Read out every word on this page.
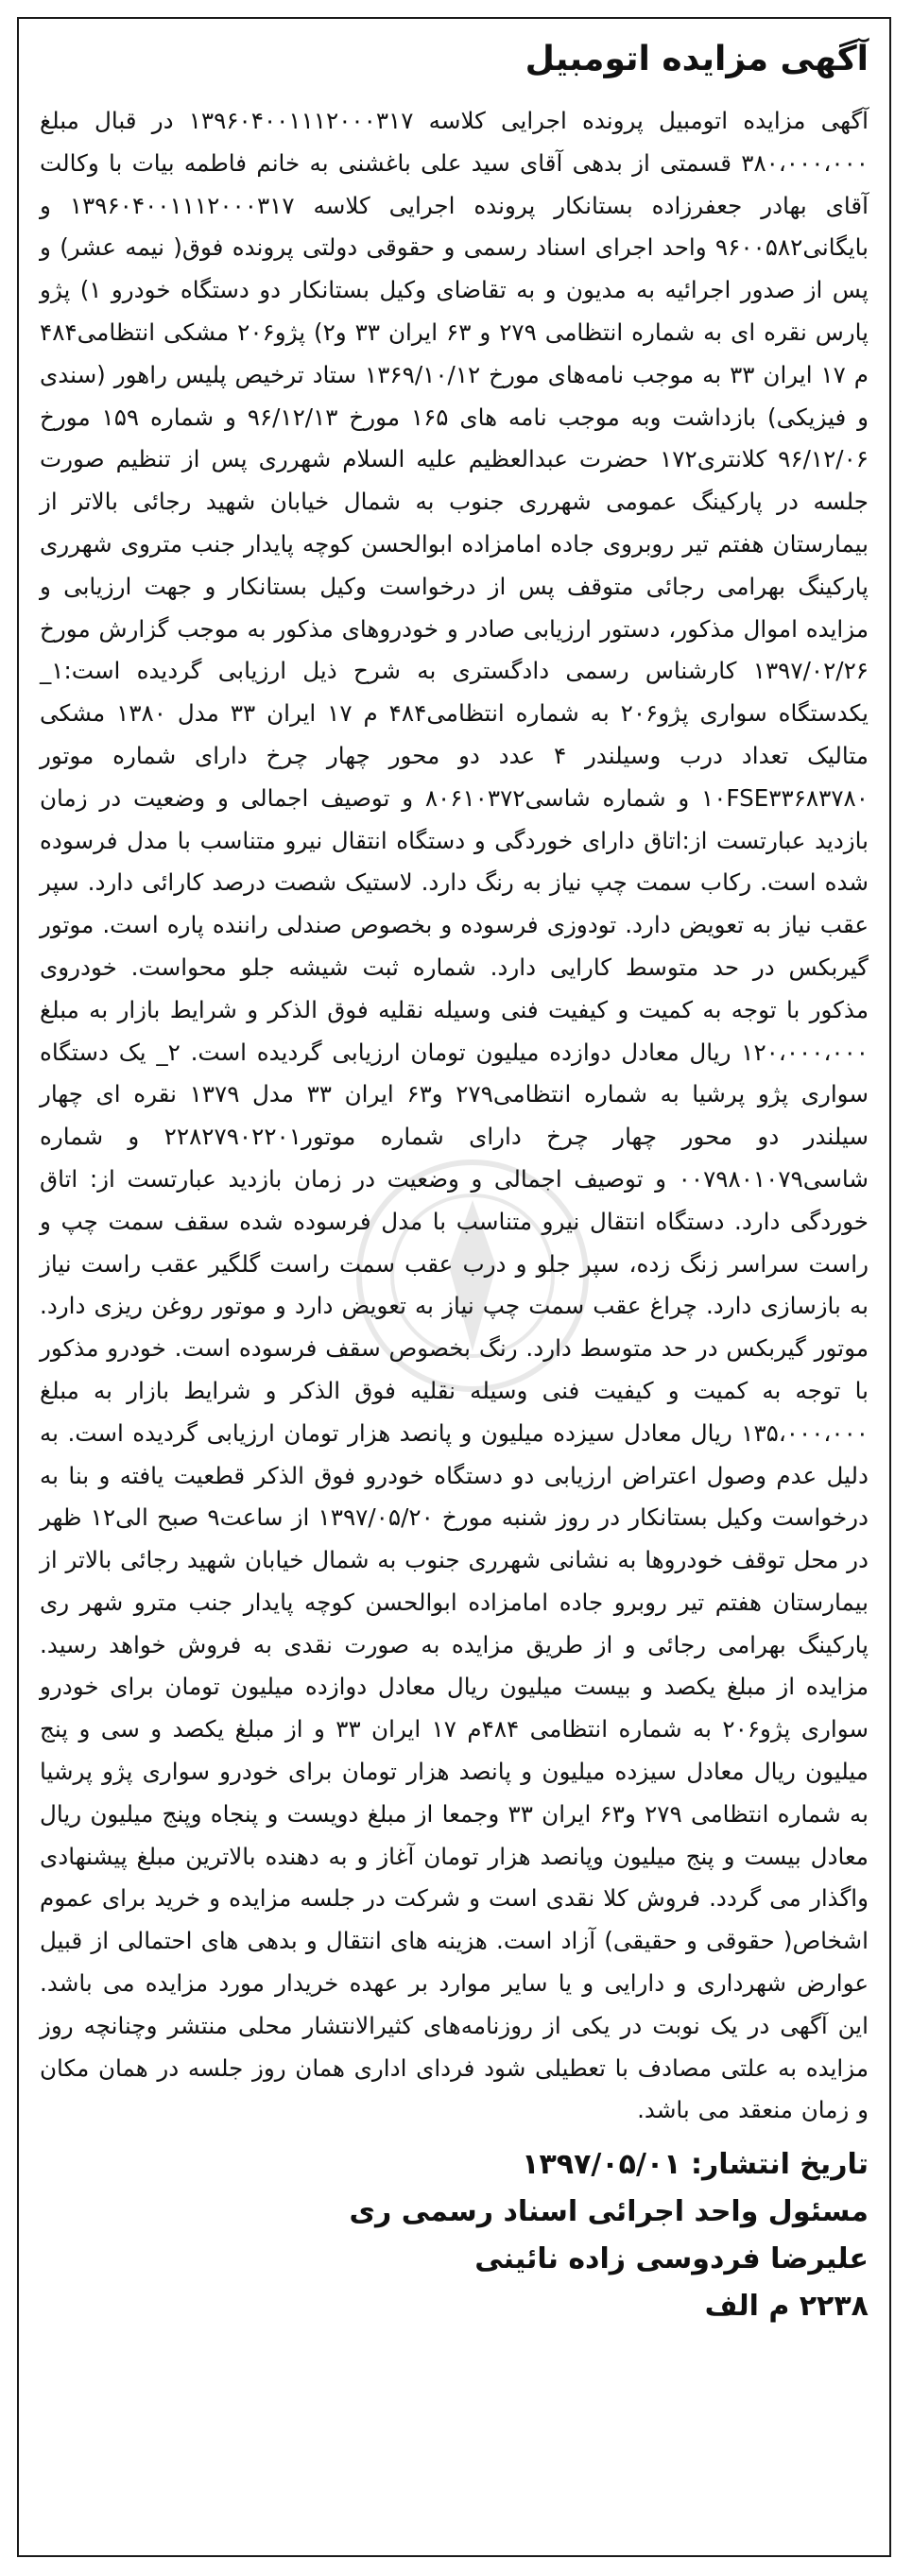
آگهی مزایده اتومبیل

آگهی مزایده اتومبیل پرونده اجرایی کلاسه ۱۳۹۶۰۴۰۰۱۱۱۲۰۰۰۳۱۷ در قبال مبلغ ۳۸۰،۰۰۰،۰۰۰ قسمتی از بدهی آقای سید علی باغشنی به خانم فاطمه بیات با وکالت آقای بهادر جعفرزاده بستانکار پرونده اجرایی کلاسه ۱۳۹۶۰۴۰۰۱۱۱۲۰۰۰۳۱۷ و بایگانی۹۶۰۰۵۸۲ واحد اجرای اسناد رسمی و حقوقی دولتی پرونده فوق( نیمه عشر) و پس از صدور اجرائیه به مدیون و به تقاضای وکیل بستانکار دو دستگاه خودرو ۱) پژو پارس نقره ای به شماره انتظامی ۲۷۹ و ۶۳ ایران ۳۳ و۲) پژو۲۰۶ مشکی انتظامی۴۸۴ م ۱۷ ایران ۳۳ به موجب نامه‌های مورخ ۱۳۶۹/۱۰/۱۲ ستاد ترخیص پلیس راهور (سندی و فیزیکی) بازداشت وبه موجب نامه های ۱۶۵ مورخ ۹۶/۱۲/۱۳ و شماره ۱۵۹ مورخ ۹۶/۱۲/۰۶ کلانتری۱۷۲ حضرت عبدالعظیم علیه السلام شهرری پس از تنظیم صورت جلسه در پارکینگ عمومی شهرری جنوب به شمال خیابان شهید رجائی بالاتر از بیمارستان هفتم تیر روبروی جاده امامزاده ابوالحسن کوچه پایدار جنب متروی شهرری پارکینگ بهرامی رجائی متوقف پس از درخواست وکیل بستانکار و جهت ارزیابی و مزایده اموال مذکور، دستور ارزیابی صادر و خودروهای مذکور به موجب گزارش مورخ ۱۳۹۷/۰۲/۲۶ کارشناس رسمی دادگستری به شرح ذیل ارزیابی گردیده است:۱_ یکدستگاه سواری پژو۲۰۶ به شماره انتظامی۴۸۴ م ۱۷ ایران ۳۳ مدل ۱۳۸۰ مشکی متالیک تعداد درب وسیلندر ۴ عدد دو محور چهار چرخ دارای شماره موتور ۱۰FSE۳۳۶۸۳۷۸۰ و شماره شاسی۸۰۶۱۰۳۷۲ و توصیف اجمالی و وضعیت در زمان بازدید عبارتست از:اتاق دارای خوردگی و دستگاه انتقال نیرو متناسب با مدل فرسوده شده است. رکاب سمت چپ نیاز به رنگ دارد. لاستیک شصت درصد کارائی دارد. سپر عقب نیاز به تعویض دارد. تودوزی فرسوده و بخصوص صندلی راننده پاره است. موتور گیربکس در حد متوسط کارایی دارد. شماره ثبت شیشه جلو محواست. خودروی مذکور با توجه به کمیت و کیفیت فنی وسیله نقلیه فوق الذکر و شرایط بازار به مبلغ ۱۲۰،۰۰۰،۰۰۰ ریال معادل دوازده میلیون تومان ارزیابی گردیده است. ۲_ یک دستگاه سواری پژو پرشیا به شماره انتظامی۲۷۹ و۶۳ ایران ۳۳ مدل ۱۳۷۹ نقره ای چهار سیلندر دو محور چهار چرخ دارای شماره موتور۲۲۸۲۷۹۰۲۲۰۱ و شماره شاسی۰۰۷۹۸۰۱۰۷۹ و توصیف اجمالی و وضعیت در زمان بازدید عبارتست از: اتاق خوردگی دارد. دستگاه انتقال نیرو متناسب با مدل فرسوده شده سقف سمت چپ و راست سراسر زنگ زده، سپر جلو و درب عقب سمت راست گلگیر عقب راست نیاز به بازسازی دارد. چراغ عقب سمت چپ نیاز به تعویض دارد و موتور روغن ریزی دارد. موتور گیربکس در حد متوسط دارد. رنگ بخصوص سقف فرسوده است. خودرو مذکور با توجه به کمیت و کیفیت فنی وسیله نقلیه فوق الذکر و شرایط بازار به مبلغ ۱۳۵،۰۰۰،۰۰۰ ریال معادل سیزده میلیون و پانصد هزار تومان ارزیابی گردیده است. به دلیل عدم وصول اعتراض ارزیابی دو دستگاه خودرو فوق الذکر قطعیت یافته و بنا به درخواست وکیل بستانکار در روز شنبه مورخ ۱۳۹۷/۰۵/۲۰ از ساعت۹ صبح الی۱۲ ظهر در محل توقف خودروها به نشانی شهرری جنوب به شمال خیابان شهید رجائی بالاتر از بیمارستان هفتم تیر روبرو جاده امامزاده ابوالحسن کوچه پایدار جنب مترو شهر ری پارکینگ بهرامی رجائی و از طریق مزایده به صورت نقدی به فروش خواهد رسید. مزایده از مبلغ یکصد و بیست میلیون ریال معادل دوازده میلیون تومان برای خودرو سواری پژو۲۰۶ به شماره انتظامی ۴۸۴م ۱۷ ایران ۳۳ و از مبلغ یکصد و سی و پنج میلیون ریال معادل سیزده میلیون و پانصد هزار تومان برای خودرو سواری پژو پرشیا به شماره انتظامی ۲۷۹ و۶۳ ایران ۳۳ وجمعا از مبلغ دویست و پنجاه وپنج میلیون ریال معادل بیست و پنج میلیون وپانصد هزار تومان آغاز و به دهنده بالاترین مبلغ پیشنهادی واگذار می گردد. فروش کلا نقدی است و شرکت در جلسه مزایده و خرید برای عموم اشخاص( حقوقی و حقیقی) آزاد است. هزینه های انتقال و بدهی های احتمالی از قبیل عوارض شهرداری و دارایی و یا سایر موارد بر عهده خریدار مورد مزایده می باشد. این آگهی در یک نوبت در یکی از روزنامه‌های کثیرالانتشار محلی منتشر وچنانچه روز مزایده به علتی مصادف با تعطیلی شود فردای اداری همان روز جلسه در همان مکان و زمان منعقد می باشد.

تاریخ انتشار: ۱۳۹۷/۰۵/۰۱

مسئول واحد اجرائی اسناد رسمی ری

علیرضا فردوسی زاده نائینی

۲۲۳۸ م الف
